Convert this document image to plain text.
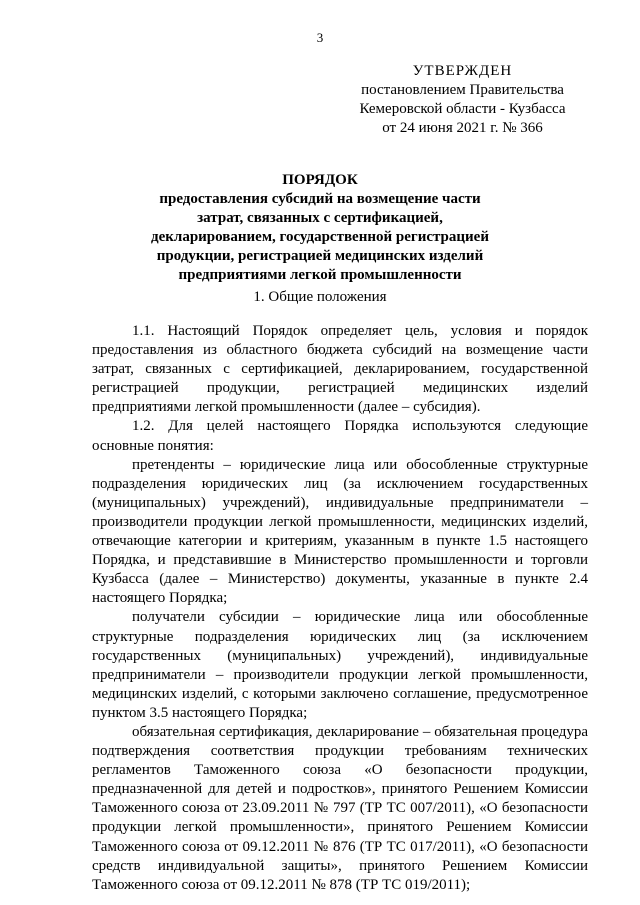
3
УТВЕРЖДЕН
постановлением Правительства
Кемеровской области - Кузбасса
от 24 июня 2021 г. № 366
ПОРЯДОК
предоставления субсидий на возмещение части
затрат, связанных с сертификацией,
декларированием, государственной регистрацией
продукции, регистрацией медицинских изделий
предприятиями легкой промышленности
1. Общие положения

1.1. Настоящий Порядок определяет цель, условия и порядок предоставления из областного бюджета субсидий на возмещение части затрат, связанных с сертификацией, декларированием, государственной регистрацией продукции, регистрацией медицинских изделий предприятиями легкой промышленности (далее – субсидия).

1.2. Для целей настоящего Порядка используются следующие основные понятия:

претенденты – юридические лица или обособленные структурные подразделения юридических лиц (за исключением государственных (муниципальных) учреждений), индивидуальные предприниматели – производители продукции легкой промышленности, медицинских изделий, отвечающие категории и критериям, указанным в пункте 1.5 настоящего Порядка, и представившие в Министерство промышленности и торговли Кузбасса (далее – Министерство) документы, указанные в пункте 2.4 настоящего Порядка;

получатели субсидии – юридические лица или обособленные структурные подразделения юридических лиц (за исключением государственных (муниципальных) учреждений), индивидуальные предприниматели – производители продукции легкой промышленности, медицинских изделий, с которыми заключено соглашение, предусмотренное пунктом 3.5 настоящего Порядка;

обязательная сертификация, декларирование – обязательная процедура подтверждения соответствия продукции требованиям технических регламентов Таможенного союза «О безопасности продукции, предназначенной для детей и подростков», принятого Решением Комиссии Таможенного союза от 23.09.2011 № 797 (ТР ТС 007/2011), «О безопасности продукции легкой промышленности», принятого Решением Комиссии Таможенного союза от 09.12.2011 № 876 (ТР ТС 017/2011), «О безопасности средств индивидуальной защиты», принятого Решением Комиссии Таможенного союза от 09.12.2011 № 878 (ТР ТС 019/2011);
